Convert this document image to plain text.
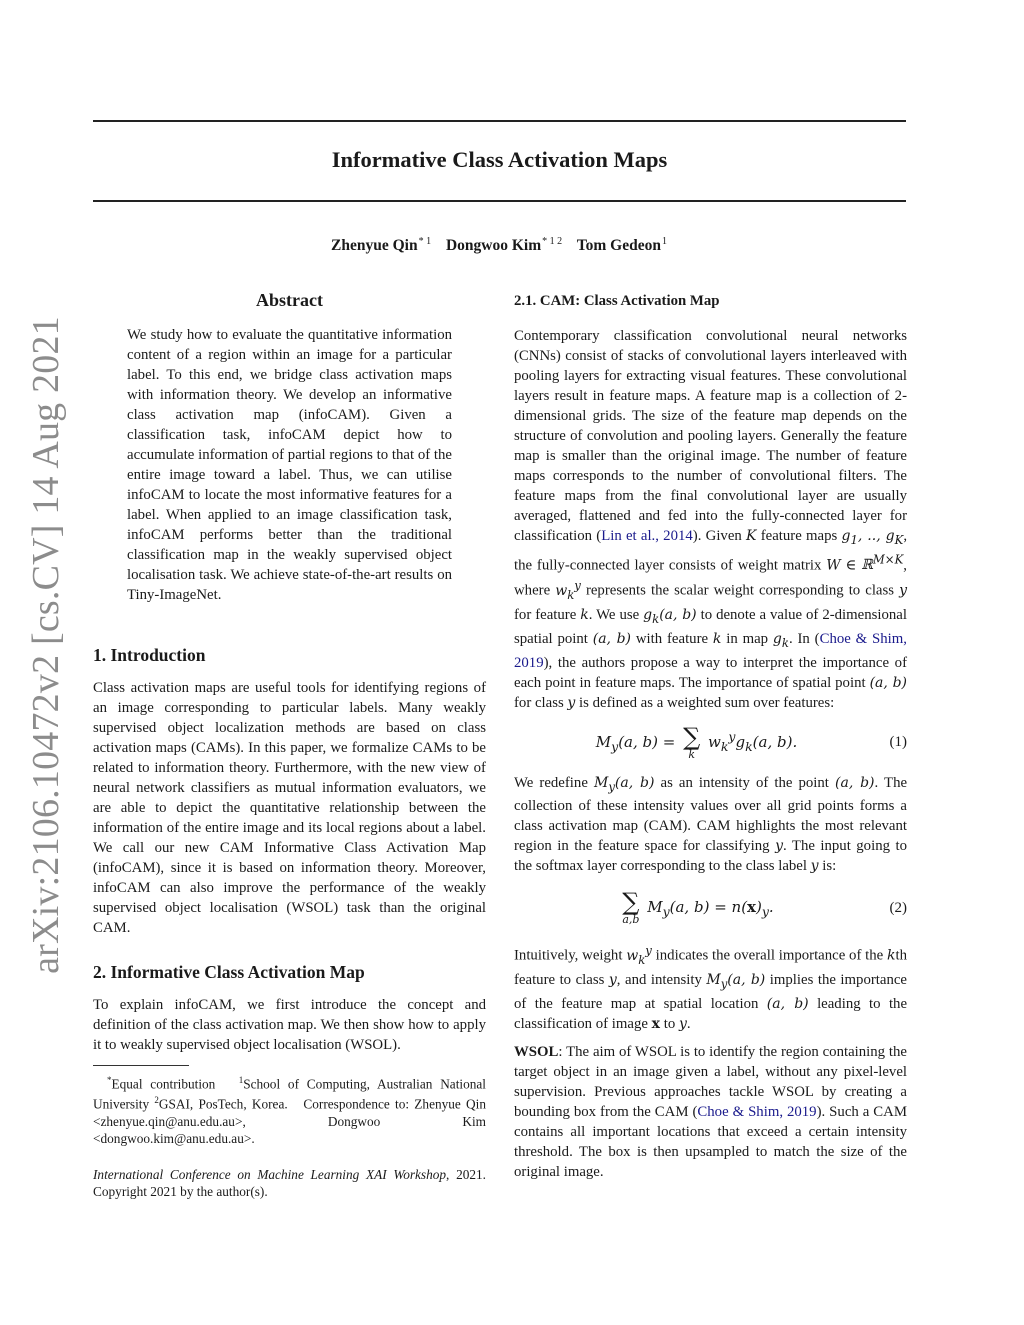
Informative Class Activation Maps
Zhenyue Qin$^{* 1}$ Dongwoo Kim$^{* 1 2}$ Tom Gedeon$^1$
arXiv:2106.10472v2 [cs.CV] 14 Aug 2021
Abstract
We study how to evaluate the quantitative information content of a region within an image for a particular label. To this end, we bridge class activation maps with information theory. We develop an informative class activation map (infoCAM). Given a classification task, infoCAM depict how to accumulate information of partial regions to that of the entire image toward a label. Thus, we can utilise infoCAM to locate the most informative features for a label. When applied to an image classification task, infoCAM performs better than the traditional classification map in the weakly supervised object localisation task. We achieve state-of-the-art results on Tiny-ImageNet.
1. Introduction

Class activation maps are useful tools for identifying regions of an image corresponding to particular labels. Many weakly supervised object localization methods are based on class activation maps (CAMs). In this paper, we formalize CAMs to be related to information theory. Furthermore, with the new view of neural network classifiers as mutual information evaluators, we are able to depict the quantitative relationship between the information of the entire image and its local regions about a label. We call our new CAM Informative Class Activation Map (infoCAM), since it is based on information theory. Moreover, infoCAM can also improve the performance of the weakly supervised object localisation (WSOL) task than the original CAM.

2. Informative Class Activation Map

To explain infoCAM, we first introduce the concept and definition of the class activation map. We then show how to apply it to weakly supervised object localisation (WSOL).

*Equal contribution	$^1$School of Computing, Australian National University $^2$GSAI, PosTech, Korea. Correspondence to: Zhenyue Qin <zhenyue.qin@anu.edu.au>, Dongwoo Kim <dongwoo.kim@anu.edu.au>.
International Conference on Machine Learning XAI Workshop, 2021. Copyright 2021 by the author(s).
2.1. CAM: Class Activation Map

Contemporary classification convolutional neural networks (CNNs) consist of stacks of convolutional layers interleaved with pooling layers for extracting visual features. These convolutional layers result in feature maps. A feature map is a collection of 2-dimensional grids. The size of the feature map depends on the structure of convolution and pooling layers. Generally the feature map is smaller than the original image. The number of feature maps corresponds to the number of convolutional filters. The feature maps from the final convolutional layer are usually averaged, flattened and fed into the fully-connected layer for classification (Lin et al., 2014). Given K feature maps $g_1$, .., $g_K$, the fully-connected layer consists of weight matrix W ∈ ℝ$^{M\times K}$, where $w_k^y$ represents the scalar weight corresponding to class y for feature k. We use $g_k(a$, b) to denote a value of 2-dimensional spatial point (a, b) with feature k in map $g_k$. In (Choe & Shim, 2019), the authors propose a way to interpret the importance of each point in feature maps. The importance of spatial point (a, b) for class y is defined as a weighted sum over features:

$M_y(a$, b) = ∑
k
$w_k^yg_k(a$, b).	(1)

We redefine $M_y(a$, b) as an intensity of the point (a, b). The collection of these intensity values over all grid points forms a class activation map (CAM). CAM highlights the most relevant region in the feature space for classifying y. The input going to the softmax layer corresponding to the class label y is:

∑
a,b
$M_y(a$, $b) = n(x)_y$.	(2)

Intuitively, weight $w_k^y$ indicates the overall importance of the kth feature to class y, and intensity $M_y(a$, b) implies the importance of the feature map at spatial location (a, b) leading to the classification of image x to y.

WSOL: The aim of WSOL is to identify the region containing the target object in an image given a label, without any pixel-level supervision. Previous approaches tackle WSOL by creating a bounding box from the CAM (Choe & Shim, 2019). Such a CAM contains all important locations that exceed a certain intensity threshold. The box is then upsampled to match the size of the original image.
